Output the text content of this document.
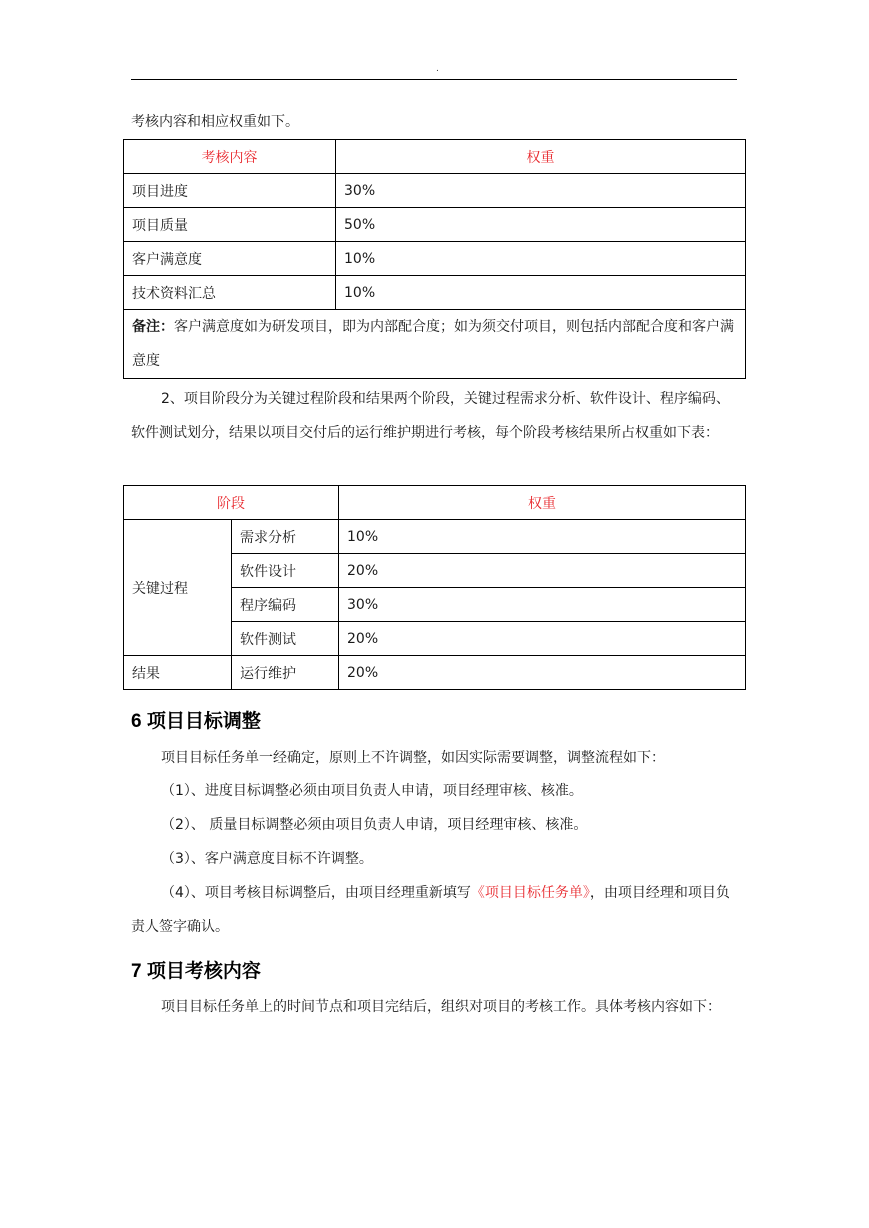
.

考核内容和相应权重如下。

考核内容	权重
项目进度	30%
项目质量	50%
客户满意度	10%
技术资料汇总	10%
备注：客户满意度如为研发项目，即为内部配合度；如为须交付项目，则包括内部配合度和客户满意度	

2、项目阶段分为关键过程阶段和结果两个阶段，关键过程需求分析、软件设计、程序编码、软件测试划分，结果以项目交付后的运行维护期进行考核，每个阶段考核结果所占权重如下表：

阶段		权重
关键过程	需求分析	10%
	软件设计	20%
	程序编码	30%
	软件测试	20%
结果	运行维护	20%
6 项目目标调整

项目目标任务单一经确定，原则上不许调整，如因实际需要调整，调整流程如下：

（1）、进度目标调整必须由项目负责人申请，项目经理审核、核准。

（2）、 质量目标调整必须由项目负责人申请，项目经理审核、核准。

（3）、客户满意度目标不许调整。

（4）、项目考核目标调整后，由项目经理重新填写《项目目标任务单》，由项目经理和项目负责人签字确认。

7 项目考核内容

项目目标任务单上的时间节点和项目完结后，组织对项目的考核工作。具体考核内容如下：
